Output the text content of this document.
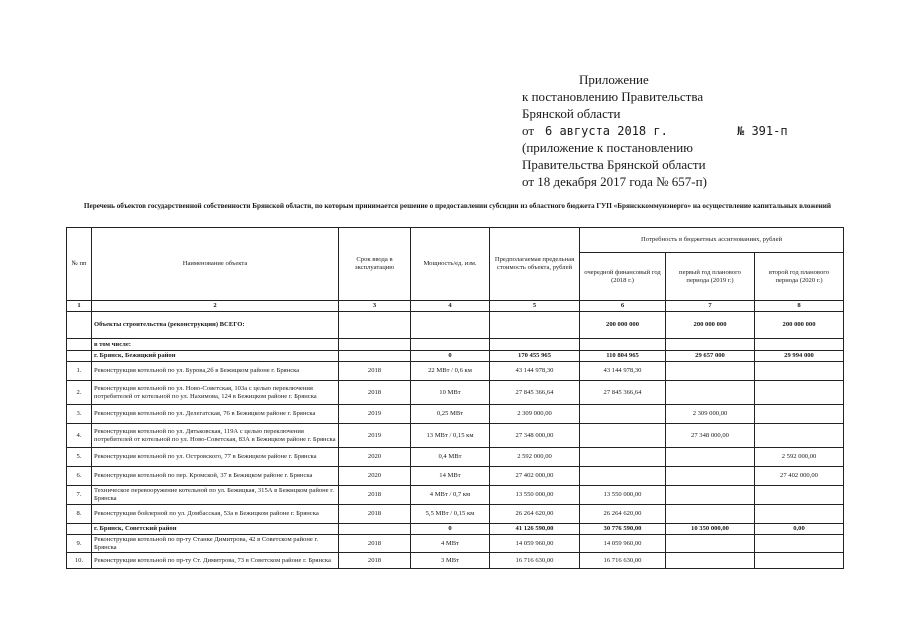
Приложение
к постановлению Правительства
Брянской области
от 6 августа 2018 г.	№ 391-п
(приложение к постановлению
Правительства Брянской области
от 18 декабря 2017 года № 657-п)
Перечень объектов государственной собственности Брянской области, по которым принимается решение о предоставлении субсидии из областного бюджета ГУП «Брянсккоммунэнерго» на осуществление капитальных вложений
№ пп	Наименование объекта	Срок ввода в эксплуатацию	Мощность/ед. изм.	Предполагаемая предельная стоимость объекта, рублей	Потребность в бюджетных ассигнованиях, рублей		
					очередной финансовый год (2018 г.)	первый год планового периода (2019 г.)	второй год планового периода (2020 г.)
1	2	3	4	5	6	7	8
	Объекты строительства (реконструкции) ВСЕГО:				200 000 000	200 000 000	200 000 000
	в том числе:						
	г. Брянск, Бежицкий район		0	170 455 965	110 804 965	29 657 000	29 994 000
1.	Реконструкция котельной по ул. Бурова,2б в Бежицком районе г. Брянска	2018	22 МВт / 0,6 км	43 144 978,30	43 144 978,30		
2.	Реконструкция котельной по ул. Ново-Советская, 103а с целью переключения потребителей от котельной по ул. Нахимова, 124 в Бежицком районе г. Брянска	2018	10 МВт	27 845 366,64	27 845 366,64		
3.	Реконструкция котельной по ул. Делегатская, 76 в Бежицком районе г. Брянска	2019	0,25 МВт	2 309 000,00		2 309 000,00	
4.	Реконструкция котельной по ул. Дятьковская, 119А с целью переключения потребителей от котельной по ул. Ново-Советская, 83А в Бежицком районе г. Брянска	2019	13 МВт / 0,15 км	27 348 000,00		27 348 000,00	
5.	Реконструкция котельной по ул. Островского, 77 в Бежицком районе г. Брянска	2020	0,4 МВт	2 592 000,00			2 592 000,00
6.	Реконструкция котельной по пер. Кромской, 37 в Бежицком районе г. Брянска	2020	14 МВт	27 402 000,00			27 402 000,00
7.	Техническое перевооружение котельной по ул. Бежицкая, 315А в Бежицком районе г. Брянска	2018	4 МВт / 0,7 км	13 550 000,00	13 550 000,00		
8.	Реконструкция бойлерной по ул. Домбасская, 53а в Бежицком районе г. Брянска	2018	5,5 МВт / 0,15 км	26 264 620,00	26 264 620,00		
	г. Брянск, Советский район		0	41 126 590,00	30 776 590,00	10 350 000,00	0,00
9.	Реконструкция котельной по пр-ту Станке Димитрова, 42 в Советском районе г. Брянска	2018	4 МВт	14 059 960,00	14 059 960,00		
10.	Реконструкция котельной по пр-ту Ст. Димитрова, 73 в Советском районе г. Брянска	2018	3 МВт	16 716 630,00	16 716 630,00		
